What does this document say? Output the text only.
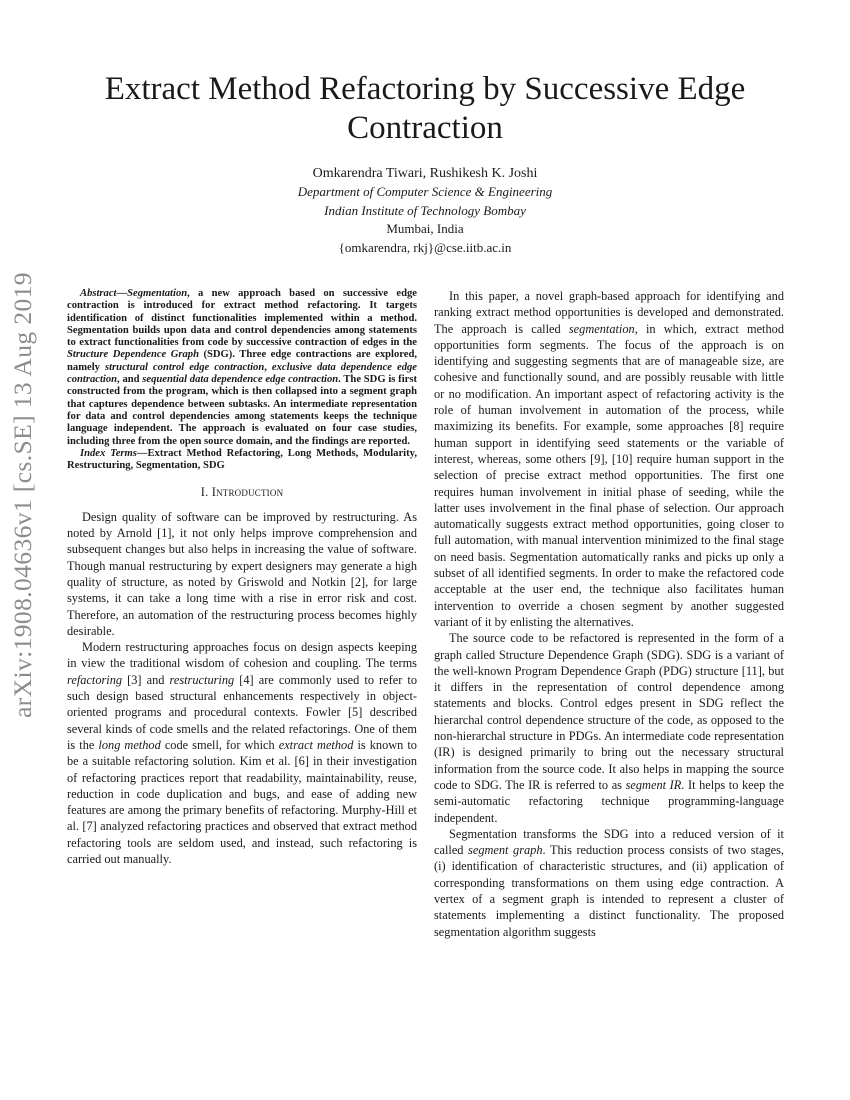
arXiv:1908.04636v1 [cs.SE] 13 Aug 2019
Extract Method Refactoring by Successive Edge
Contraction
Omkarendra Tiwari, Rushikesh K. Joshi
Department of Computer Science & Engineering
Indian Institute of Technology Bombay
Mumbai, India
{omkarendra, rkj}@cse.iitb.ac.in

Abstract—Segmentation, a new approach based on successive edge contraction is introduced for extract method refactoring. It targets identification of distinct functionalities implemented within a method. Segmentation builds upon data and control dependencies among statements to extract functionalities from code by successive contraction of edges in the Structure Dependence Graph (SDG). Three edge contractions are explored, namely structural control edge contraction, exclusive data dependence edge contraction, and sequential data dependence edge contraction. The SDG is first constructed from the program, which is then collapsed into a segment graph that captures dependence between subtasks. An intermediate representation for data and control dependencies among statements keeps the technique language independent. The approach is evaluated on four case studies, including three from the open source domain, and the findings are reported.

Index Terms—Extract Method Refactoring, Long Methods, Modularity, Restructuring, Segmentation, SDG

I. Introduction

Design quality of software can be improved by restructuring. As noted by Arnold [1], it not only helps improve comprehension and subsequent changes but also helps in increasing the value of software. Though manual restructuring by expert designers may generate a high quality of structure, as noted by Griswold and Notkin [2], for large systems, it can take a long time with a rise in error risk and cost. Therefore, an automation of the restructuring process becomes highly desirable.

Modern restructuring approaches focus on design aspects keeping in view the traditional wisdom of cohesion and coupling. The terms refactoring [3] and restructuring [4] are commonly used to refer to such design based structural enhancements respectively in object-oriented programs and procedural contexts. Fowler [5] described several kinds of code smells and the related refactorings. One of them is the long method code smell, for which extract method is known to be a suitable refactoring solution. Kim et al. [6] in their investigation of refactoring practices report that readability, maintainability, reuse, reduction in code duplication and bugs, and ease of adding new features are among the primary benefits of refactoring. Murphy-Hill et al. [7] analyzed refactoring practices and observed that extract method refactoring tools are seldom used, and instead, such refactoring is carried out manually.

In this paper, a novel graph-based approach for identifying and ranking extract method opportunities is developed and demonstrated. The approach is called segmentation, in which, extract method opportunities form segments. The focus of the approach is on identifying and suggesting segments that are of manageable size, are cohesive and functionally sound, and are possibly reusable with little or no modification. An important aspect of refactoring activity is the role of human involvement in automation of the process, while maximizing its benefits. For example, some approaches [8] require human support in identifying seed statements or the variable of interest, whereas, some others [9], [10] require human support in the selection of precise extract method opportunities. The first one requires human involvement in initial phase of seeding, while the latter uses involvement in the final phase of selection. Our approach automatically suggests extract method opportunities, going closer to full automation, with manual intervention minimized to the final stage on need basis. Segmentation automatically ranks and picks up only a subset of all identified segments. In order to make the refactored code acceptable at the user end, the technique also facilitates human intervention to override a chosen segment by another suggested variant of it by enlisting the alternatives.

The source code to be refactored is represented in the form of a graph called Structure Dependence Graph (SDG). SDG is a variant of the well-known Program Dependence Graph (PDG) structure [11], but it differs in the representation of control dependence among statements and blocks. Control edges present in SDG reflect the hierarchal control dependence structure of the code, as opposed to the non-hierarchal structure in PDGs. An intermediate code representation (IR) is designed primarily to bring out the necessary structural information from the source code. It also helps in mapping the source code to SDG. The IR is referred to as segment IR. It helps to keep the semi-automatic refactoring technique programming-language independent.

Segmentation transforms the SDG into a reduced version of it called segment graph. This reduction process consists of two stages, (i) identification of characteristic structures, and (ii) application of corresponding transformations on them using edge contraction. A vertex of a segment graph is intended to represent a cluster of statements implementing a distinct functionality. The proposed segmentation algorithm suggests
